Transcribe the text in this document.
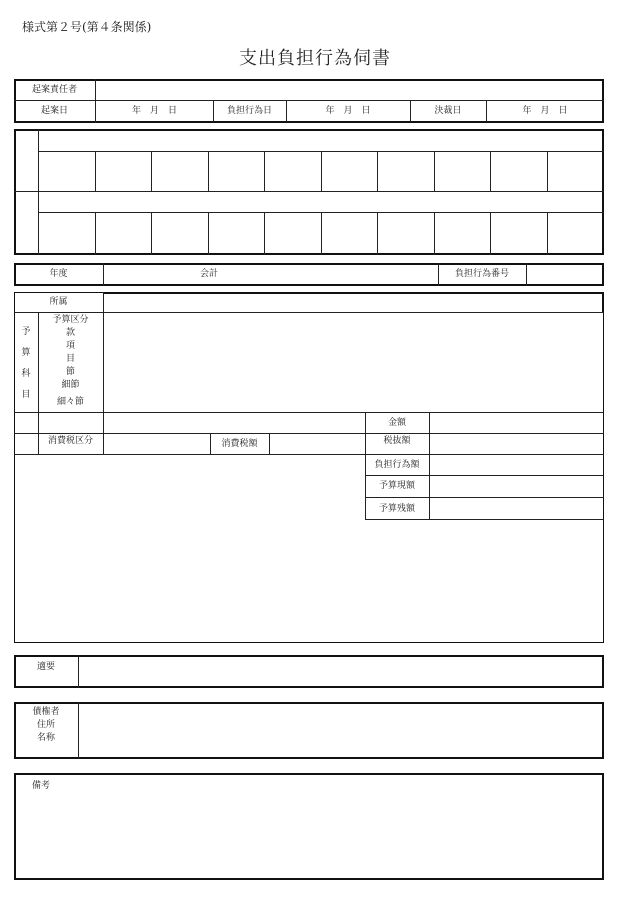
様式第２号(第４条関係)
支出負担行為伺書
起案責任者
起案日	年　月　日	負担行為日	年　月　日	決裁日	年　月　日
年度	会計	負担行為番号
所属
予
算
科
目
予算区分
款
項
目
節
細節
細々節
金額
消費税区分	消費税額	税抜額
負担行為額
予算現額
予算残額
適要
債権者
住所
名称
備考
